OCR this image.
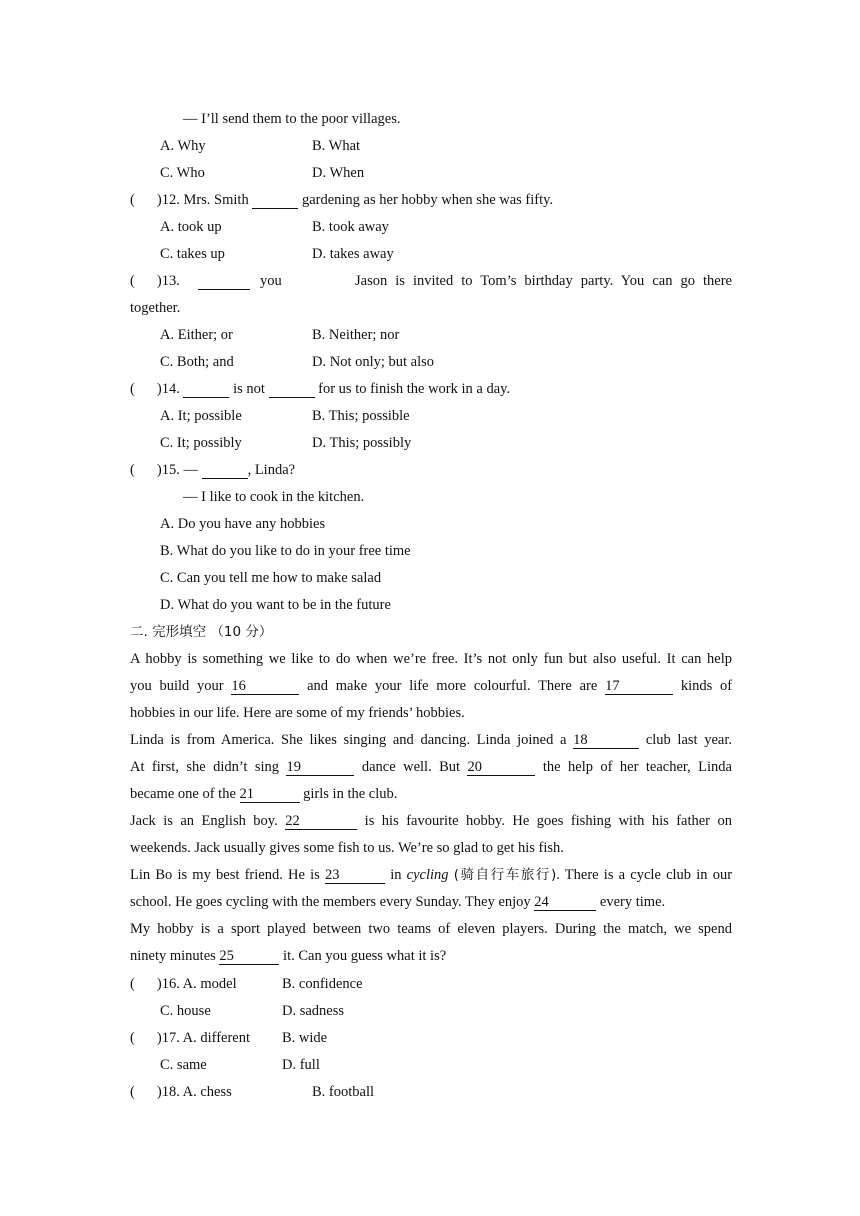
— I’ll send them to the poor villages.
A. Why	B. What
C. Who	D. When
( )12. Mrs. Smith	gardening as her hobby when she was fifty.
A. took up	B. took away
C. takes up	D. takes away
( )13.
	you	Jason is invited to Tom’s birthday party. You can go there
together.
A. Either; or	B. Neither; nor
C. Both; and	D. Not only; but also
( )14.	is not	for us to finish the work in a day.
A. It; possible	B. This; possible
C. It; possibly	D. This; possibly
( )15. —	, Linda?
— I like to cook in the kitchen.
A. Do you have any hobbies
B. What do you like to do in your free time
C. Can you tell me how to make salad
D. What do you want to be in the future
二. 完形填空 （10 分）
A hobby is something we like to do when we’re free. It’s not only fun but also useful. It can help
you build your 16	and make your life more colourful. There are 17	kinds of
hobbies in our life. Here are some of my friends’ hobbies.
Linda is from America. She likes singing and dancing. Linda joined a 18	club last year.
At first, she didn’t sing 19	dance well. But 20	the help of her teacher, Linda
became one of the 21	girls in the club.
Jack is an English boy. 22	is his favourite hobby. He goes fishing with his father on
weekends. Jack usually gives some fish to us. We’re so glad to get his fish.
Lin Bo is my best friend. He is 23	in cycling (骑自行车旅行). There is a cycle club in our
school. He goes cycling with the members every Sunday. They enjoy 24	every time.
My hobby is a sport played between two teams of eleven players. During the match, we spend
ninety minutes 25	it. Can you guess what it is?
( )16. A. model	B. confidence
C. house	D. sadness
( )17. A. different B. wide
C. same	D. full
( )18. A. chess	B. football
